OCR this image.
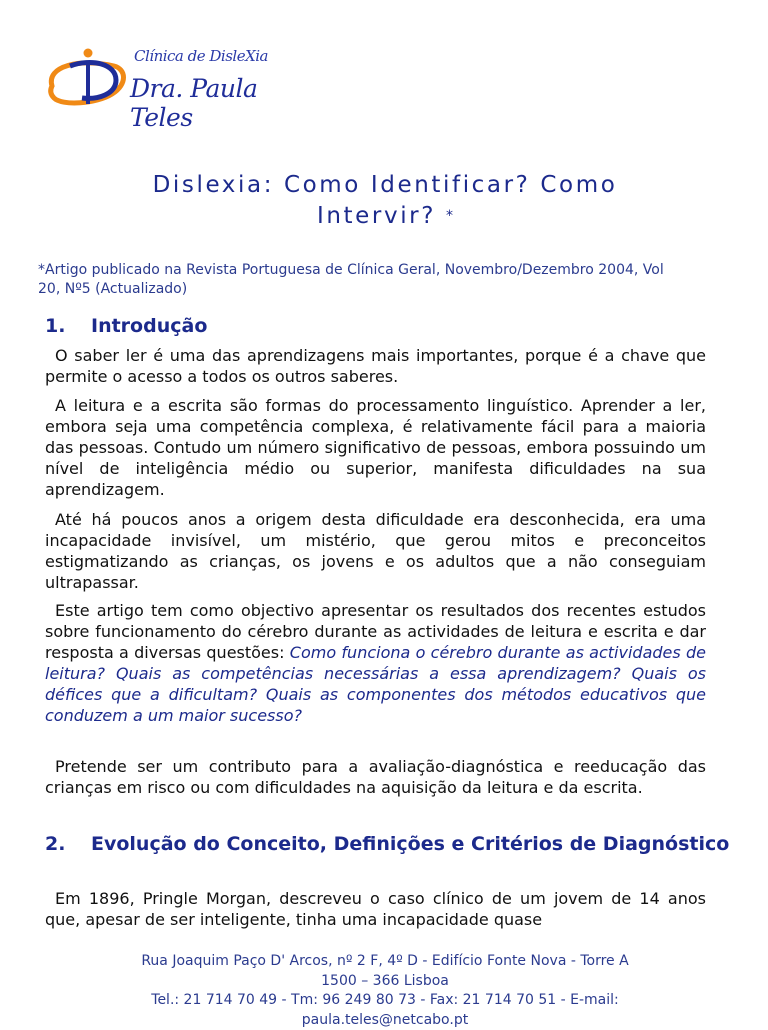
Clínica de DisleXia
Dra. Paula Teles
Dislexia: Como Identificar? Como
Intervir? *
*Artigo publicado na Revista Portuguesa de Clínica Geral, Novembro/Dezembro 2004, Vol 20, Nº5 (Actualizado)
1. Introdução
O saber ler é uma das aprendizagens mais importantes, porque é a chave que permite o acesso a todos os outros saberes.
A leitura e a escrita são formas do processamento linguístico. Aprender a ler, embora seja uma competência complexa, é relativamente fácil para a maioria das pessoas. Contudo um número significativo de pessoas, embora possuindo um nível de inteligência médio ou superior, manifesta dificuldades na sua aprendizagem.
Até há poucos anos a origem desta dificuldade era desconhecida, era uma incapacidade invisível, um mistério, que gerou mitos e preconceitos estigmatizando as crianças, os jovens e os adultos que a não conseguiam ultrapassar.
Este artigo tem como objectivo apresentar os resultados dos recentes estudos sobre funcionamento do cérebro durante as actividades de leitura e escrita e dar resposta a diversas questões: Como funciona o cérebro durante as actividades de leitura? Quais as competências necessárias a essa aprendizagem? Quais os défices que a dificultam? Quais as componentes dos métodos educativos que conduzem a um maior sucesso?
Pretende ser um contributo para a avaliação-diagnóstica e reeducação das crianças em risco ou com dificuldades na aquisição da leitura e da escrita.
2. Evolução do Conceito, Definições e Critérios de Diagnóstico
Em 1896, Pringle Morgan, descreveu o caso clínico de um jovem de 14 anos que, apesar de ser inteligente, tinha uma incapacidade quase
Rua Joaquim Paço D' Arcos, nº 2 F, 4º D - Edifício Fonte Nova - Torre A
1500 – 366 Lisboa
Tel.: 21 714 70 49 - Tm: 96 249 80 73 - Fax: 21 714 70 51 - E-mail:
paula.teles@netcabo.pt
